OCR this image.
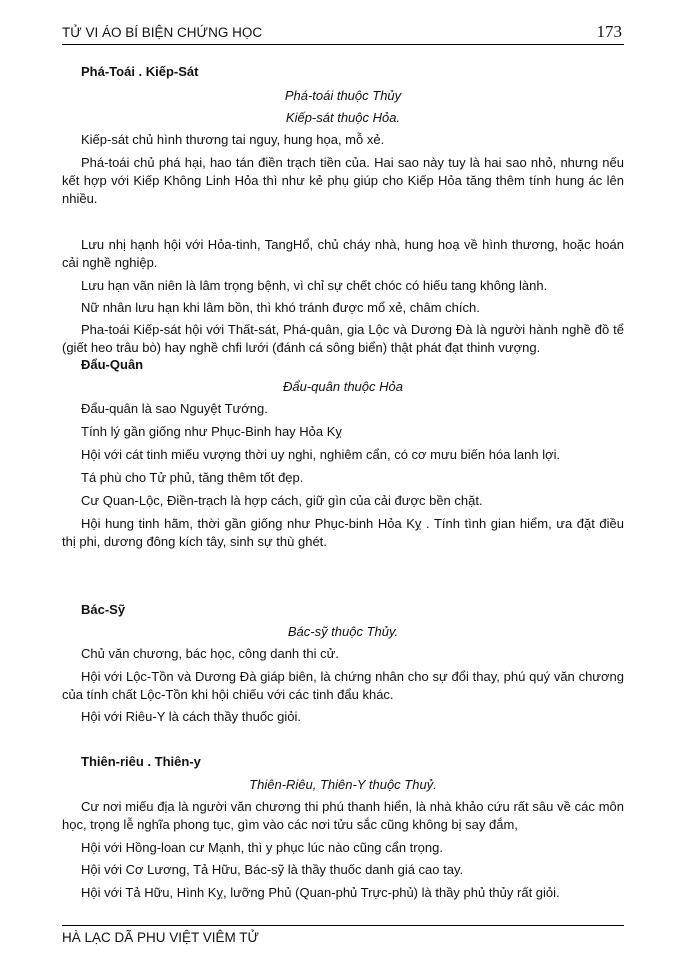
TỬ VI ÁO BÍ BIỆN CHỨNG HỌC	173
Phá-Toái . Kiếp-Sát
Phá-toái thuộc Thủy
Kiếp-sát thuộc Hỏa.
Kiếp-sát chủ hình thương tai nguy, hung họa, mỗ xẻ.
Phá-toái chủ phá hại, hao tán điền trạch tiền của. Hai sao này tuy là hai sao nhỏ, nhưng nếu kết hợp với Kiếp Không Linh Hỏa thì như kẻ phụ giúp cho Kiếp Hỏa tăng thêm tính hung ác lên nhiều.
Lưu nhị hạnh hội với Hỏa-tinh, TangHổ, chủ cháy nhà, hung hoạ về hình thương, hoặc hoán cải nghề nghiệp.
Lưu hạn vãn niên là lâm trọng bệnh, vì chỉ sự chết chóc có hiếu tang không lành.
Nữ nhân lưu hạn khi lâm bồn, thì khó tránh được mổ xẻ, châm chích.
Pha-toái Kiếp-sát hội với Thất-sát, Phá-quân, gia Lộc và Dương Đà là người hành nghề đồ tể (giết heo trâu bò) hay nghề chfi lưới (đánh cá sông biển) thật phát đạt thinh vượng.
Đẩu-Quân
Đẩu-quân thuộc Hỏa
Đẩu-quân là sao Nguyệt Tướng.
Tính lý gần giống như Phục-Binh hay Hỏa Kỵ
Hội với cát tinh miếu vượng thời uy nghi, nghiêm cẩn, có cơ mưu biến hóa lanh lợi.
Tá phù cho Tử phủ, tăng thêm tốt đẹp.
Cư Quan-Lộc, Điền-trạch là hợp cách, giữ gìn của cải được bền chặt.
Hội hung tinh hãm, thời gần giống như Phục-binh Hỏa Kỵ . Tính tình gian hiểm, ưa đặt điều thị phi, dương đông kích tây, sinh sự thù ghét.
Bác-Sỹ
Bác-sỹ thuộc Thủy.
Chủ văn chương, bác học, công danh thi cử.
Hội với Lộc-Tồn và Dương Đà giáp biên, là chứng nhân cho sự đổi thay, phú quý văn chương của tính chất Lộc-Tồn khi hội chiếu với các tinh đẩu khác.
Hội với Riêu-Y là cách thầy thuốc giỏi.
Thiên-riêu . Thiên-y
Thiên-Riêu, Thiên-Y thuộc Thuỷ.
Cư nơi miếu địa là người văn chương thi phú thanh hiển, là nhà khảo cứu rất sâu về các môn học, trọng lễ nghĩa phong tục, gìm vào các nơi tửu sắc cũng không bị say đắm,
Hội với Hồng-loan cư Mạnh, thì y phục lúc nào cũng cẩn trọng.
Hội với Cơ Lương, Tả Hữu, Bác-sỹ là thầy thuốc danh giá cao tay.
Hội với Tả Hữu, Hình Kỵ, lưỡng Phủ (Quan-phủ Trực-phủ) là thầy phủ thủy rất giỏi.
HÀ LẠC DÃ PHU VIỆT VIÊM TỬ
